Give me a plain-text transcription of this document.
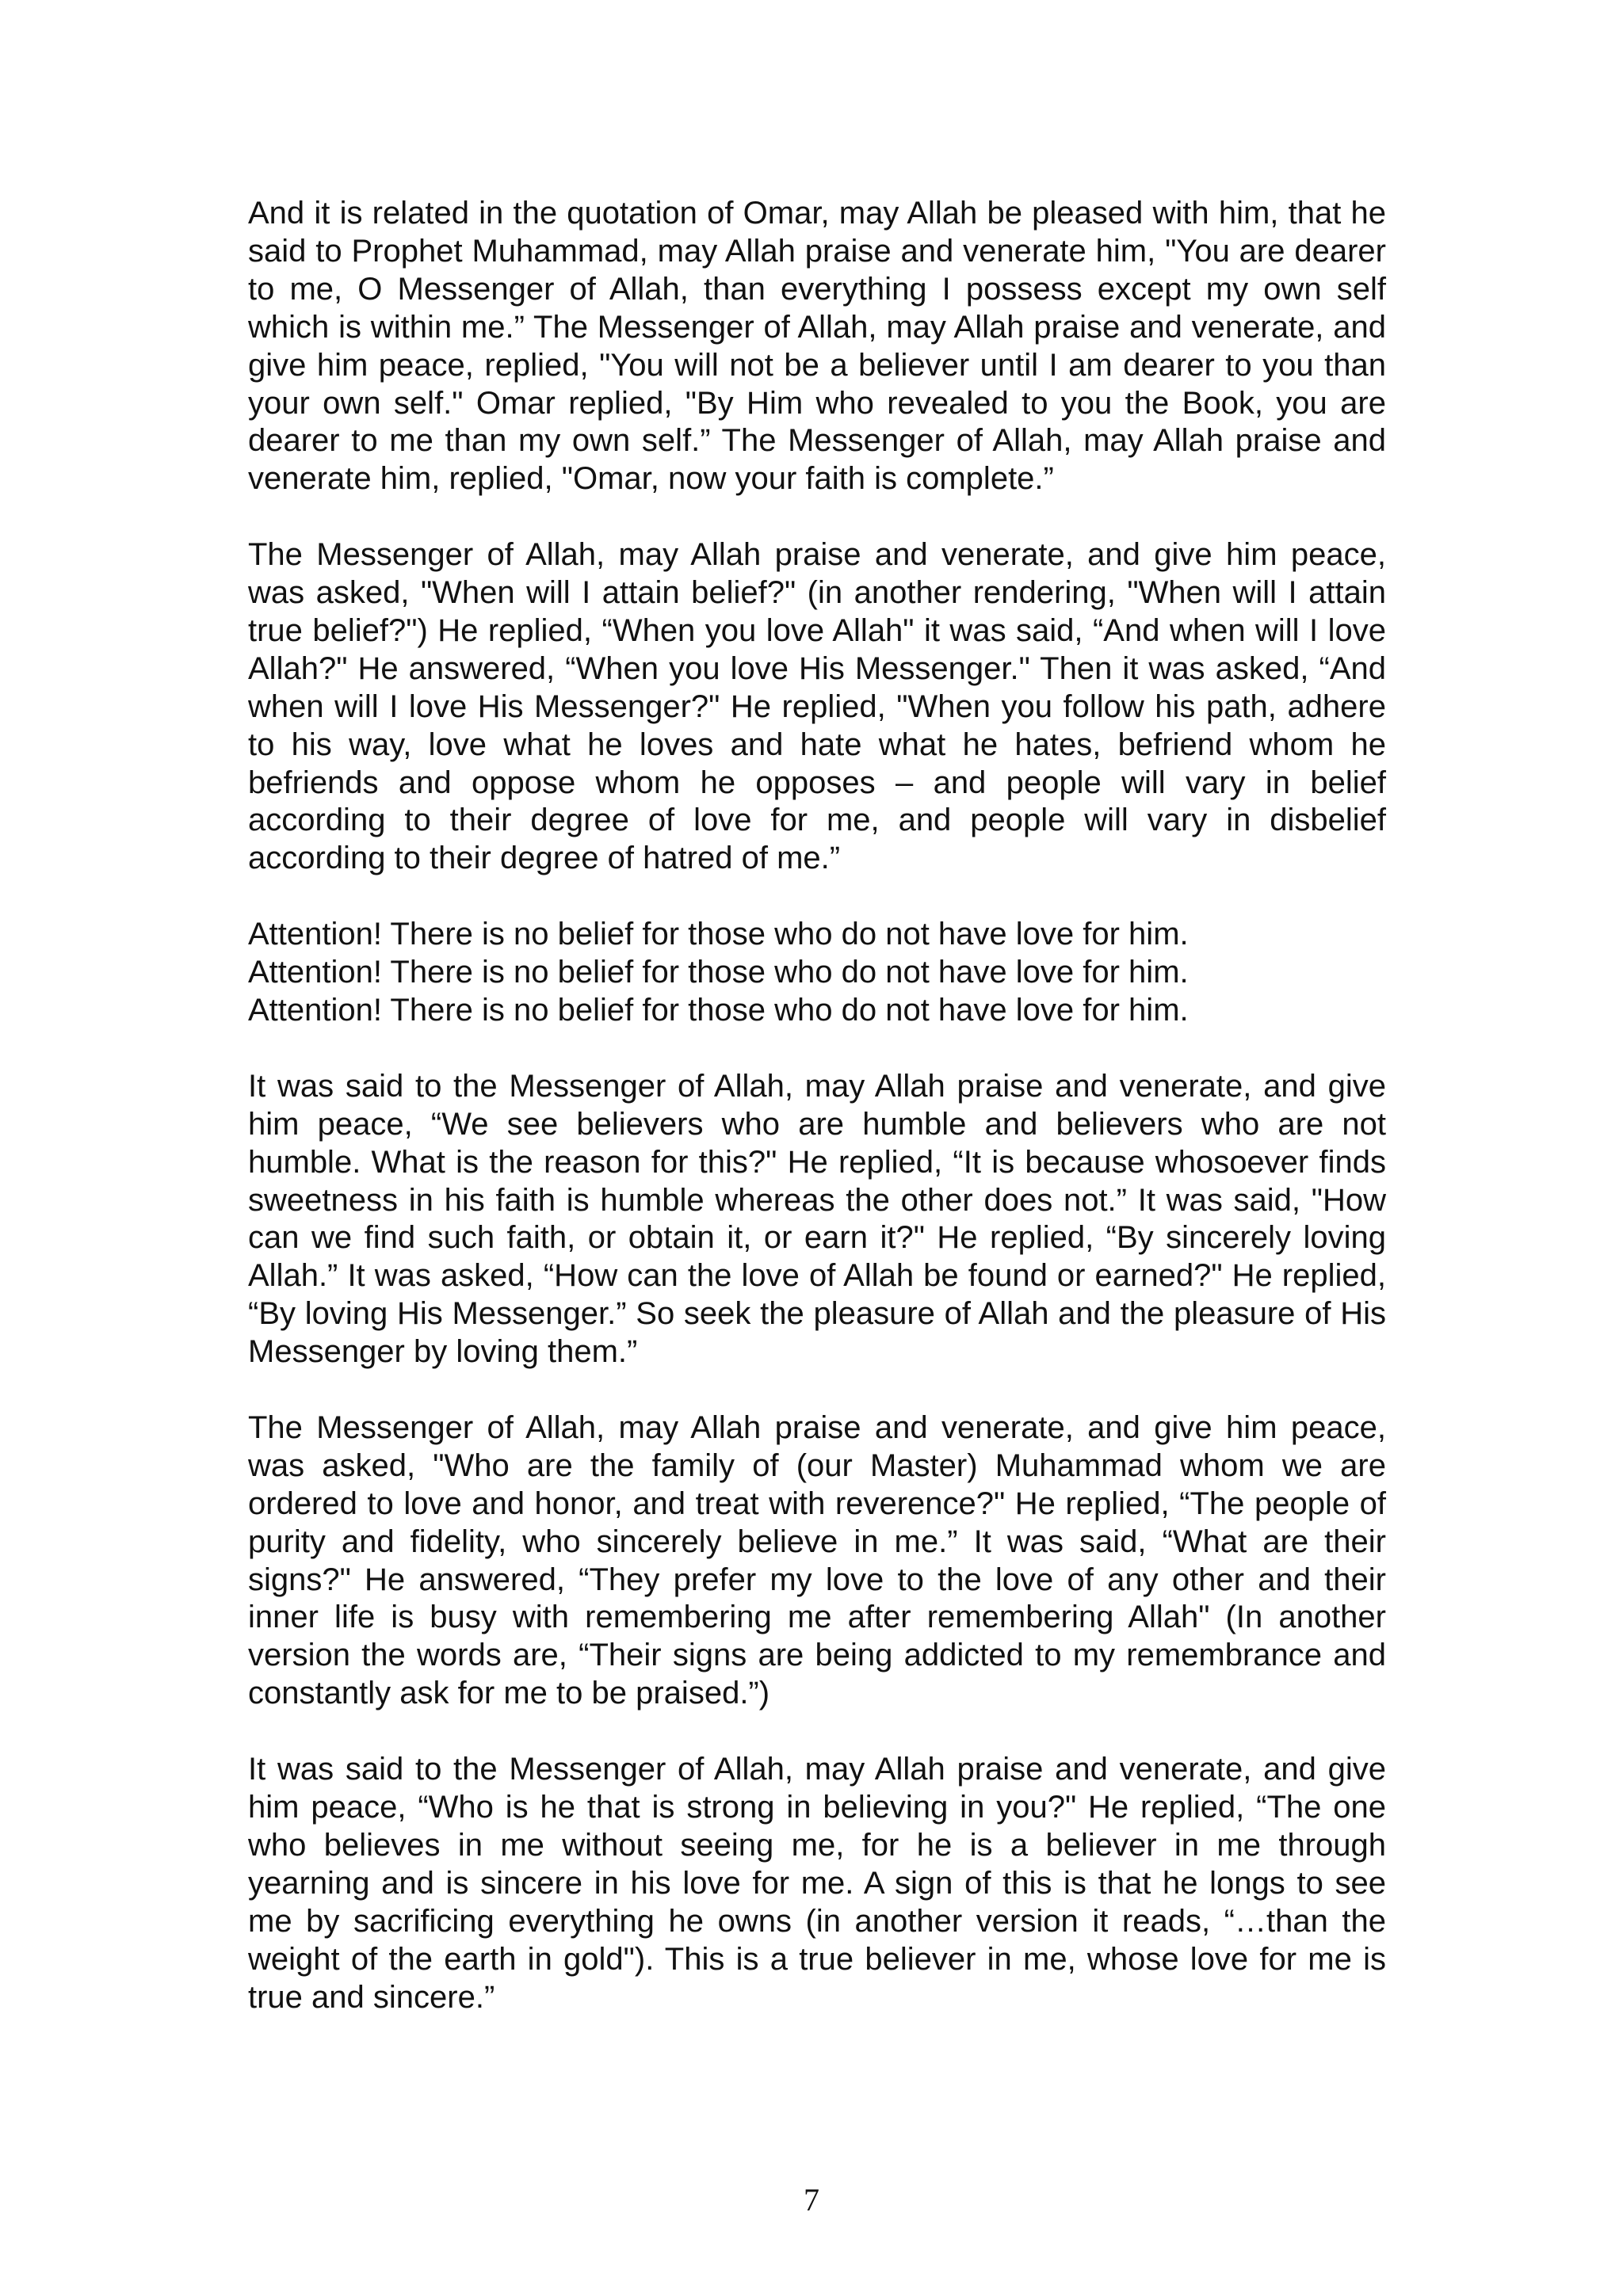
And it is related in the quotation of Omar, may Allah be pleased with him, that he said to Prophet Muhammad, may Allah praise and venerate him, "You are dearer to me, O Messenger of Allah, than everything I possess except my own self which is within me.” The Messenger of Allah, may Allah praise and venerate, and give him peace, replied, "You will not be a believer until I am dearer to you than your own self." Omar replied, "By Him who revealed to you the Book, you are dearer to me than my own self.” The Messenger of Allah, may Allah praise and venerate him, replied, "Omar, now your faith is complete.”

The Messenger of Allah, may Allah praise and venerate, and give him peace, was asked, "When will I attain belief?" (in another rendering, "When will I attain true belief?") He replied, “When you love Allah" it was said, “And when will I love Allah?" He answered, “When you love His Messenger." Then it was asked, “And when will I love His Messenger?" He replied, "When you follow his path, adhere to his way, love what he loves and hate what he hates, befriend whom he befriends and oppose whom he opposes – and people will vary in belief according to their degree of love for me, and people will vary in disbelief according to their degree of hatred of me.”

Attention! There is no belief for those who do not have love for him.

Attention! There is no belief for those who do not have love for him.

Attention! There is no belief for those who do not have love for him.

It was said to the Messenger of Allah, may Allah praise and venerate, and give him peace, “We see believers who are humble and believers who are not humble. What is the reason for this?" He replied, “It is because whosoever finds sweetness in his faith is humble whereas the other does not.” It was said, "How can we find such faith, or obtain it, or earn it?" He replied, “By sincerely loving Allah.” It was asked, “How can the love of Allah be found or earned?" He replied, “By loving His Messenger.” So seek the pleasure of Allah and the pleasure of His Messenger by loving them.”

The Messenger of Allah, may Allah praise and venerate, and give him peace, was asked, "Who are the family of (our Master) Muhammad whom we are ordered to love and honor, and treat with reverence?" He replied, “The people of purity and fidelity, who sincerely believe in me.” It was said, “What are their signs?" He answered, “They prefer my love to the love of any other and their inner life is busy with remembering me after remembering Allah" (In another version the words are, “Their signs are being addicted to my remembrance and constantly ask for me to be praised.”)

It was said to the Messenger of Allah, may Allah praise and venerate, and give him peace, “Who is he that is strong in believing in you?" He replied, “The one who believes in me without seeing me, for he is a believer in me through yearning and is sincere in his love for me. A sign of this is that he longs to see me by sacrificing everything he owns (in another version it reads, “…than the weight of the earth in gold"). This is a true believer in me, whose love for me is true and sincere.”

7
